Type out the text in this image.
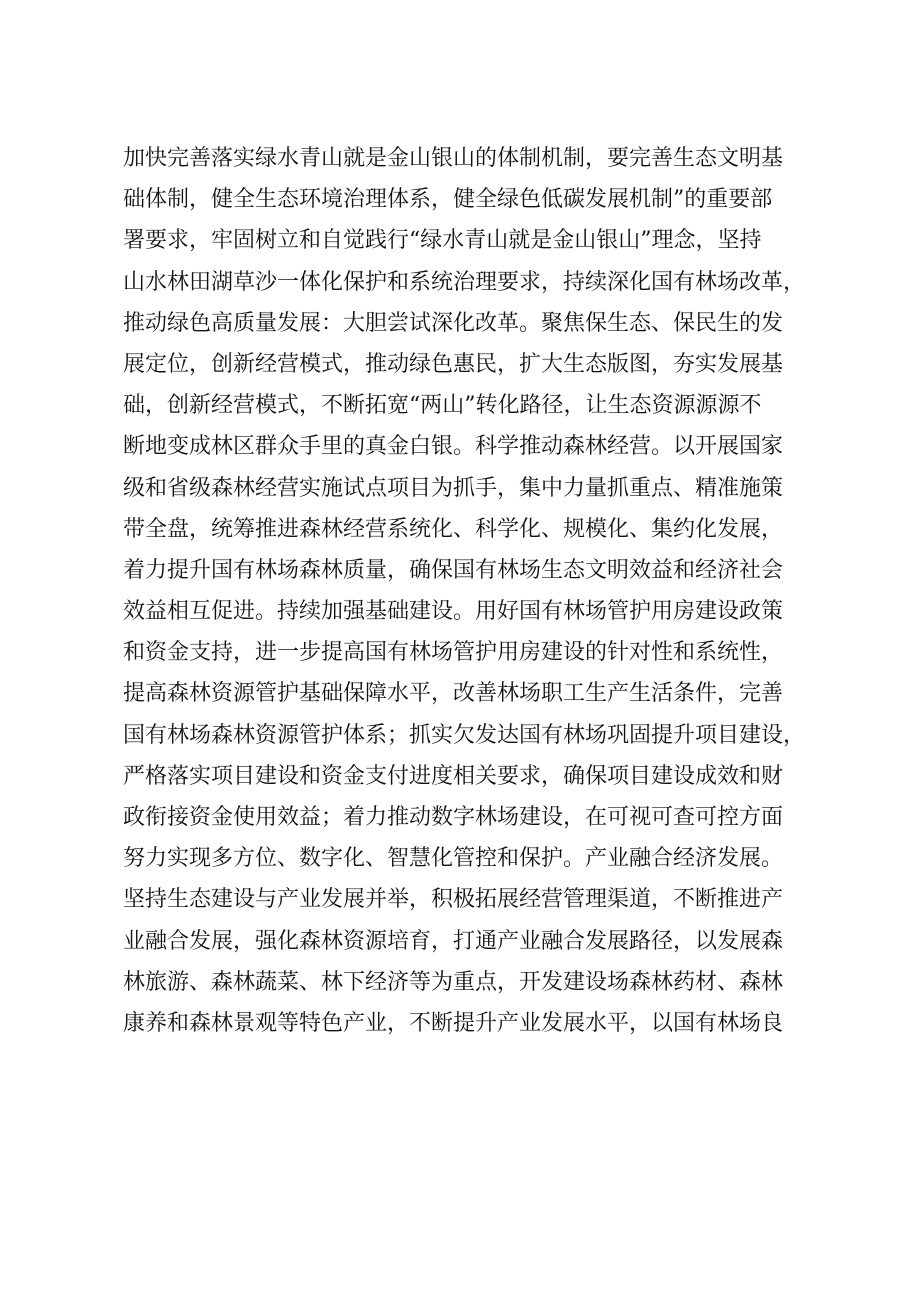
加快完善落实绿水青山就是金山银山的体制机制，要完善生态文明基
础体制，健全生态环境治理体系，健全绿色低碳发展机制”的重要部
署要求，牢固树立和自觉践行“绿水青山就是金山银山”理念，坚持
山水林田湖草沙一体化保护和系统治理要求，持续深化国有林场改革，
推动绿色高质量发展：大胆尝试深化改革。聚焦保生态、保民生的发
展定位，创新经营模式，推动绿色惠民，扩大生态版图，夯实发展基
础，创新经营模式，不断拓宽“两山”转化路径，让生态资源源源不
断地变成林区群众手里的真金白银。科学推动森林经营。以开展国家
级和省级森林经营实施试点项目为抓手，集中力量抓重点、精准施策
带全盘，统筹推进森林经营系统化、科学化、规模化、集约化发展，
着力提升国有林场森林质量，确保国有林场生态文明效益和经济社会
效益相互促进。持续加强基础建设。用好国有林场管护用房建设政策
和资金支持，进一步提高国有林场管护用房建设的针对性和系统性，
提高森林资源管护基础保障水平，改善林场职工生产生活条件，完善
国有林场森林资源管护体系；抓实欠发达国有林场巩固提升项目建设，
严格落实项目建设和资金支付进度相关要求，确保项目建设成效和财
政衔接资金使用效益；着力推动数字林场建设，在可视可查可控方面
努力实现多方位、数字化、智慧化管控和保护。产业融合经济发展。
坚持生态建设与产业发展并举，积极拓展经营管理渠道，不断推进产
业融合发展，强化森林资源培育，打通产业融合发展路径，以发展森
林旅游、森林蔬菜、林下经济等为重点，开发建设场森林药材、森林
康养和森林景观等特色产业，不断提升产业发展水平，以国有林场良
